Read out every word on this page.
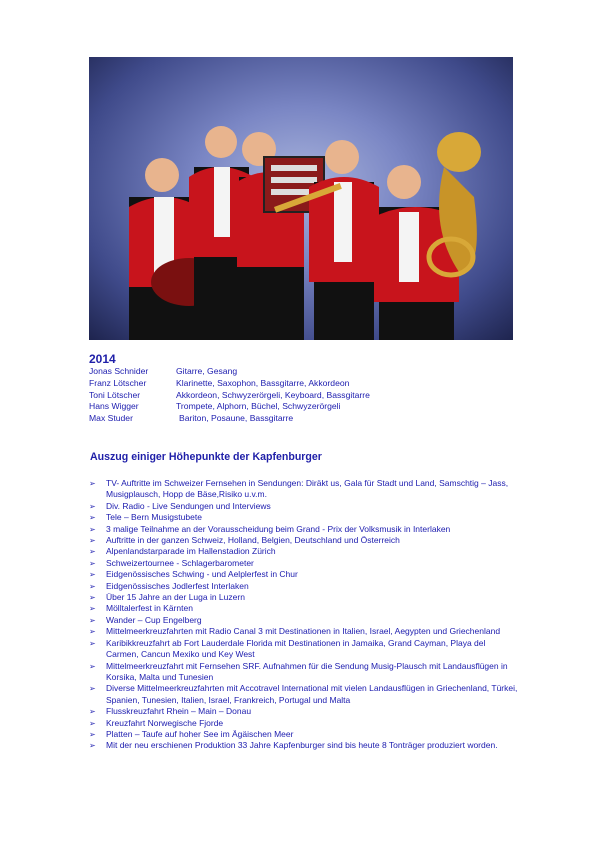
2014
Jonas Schnider	Gitarre, Gesang
Franz Lötscher	Klarinette, Saxophon, Bassgitarre, Akkordeon
Toni Lötscher	Akkordeon, Schwyzerörgeli, Keyboard, Bassgitarre
Hans Wigger	Trompete, Alphorn, Büchel, Schwyzerörgeli
Max Studer	Bariton, Posaune, Bassgitarre
Auszug einiger Höhepunkte der Kapfenburger
➢	TV- Auftritte im Schweizer Fernsehen in Sendungen: Diräkt us, Gala für Stadt und Land, Samschtig – Jass, Musigplausch, Hopp de Bäse,Risiko u.v.m.
➢	Div. Radio - Live Sendungen und Interviews
➢	Tele – Bern Musigstubete
➢	3 malige Teilnahme an der Vorausscheidung beim Grand - Prix der Volksmusik in Interlaken
➢	Auftritte in der ganzen Schweiz, Holland, Belgien, Deutschland und Österreich
➢	Alpenlandstarparade im Hallenstadion Zürich
➢	Schweizertournee - Schlagerbarometer
➢	Eidgenössisches Schwing - und Aelplerfest in Chur
➢	Eidgenössisches Jodlerfest Interlaken
➢	Über 15 Jahre an der Luga in Luzern
➢	Mölltalerfest in Kärnten
➢	Wander – Cup Engelberg
➢	Mittelmeerkreuzfahrten mit Radio Canal 3 mit Destinationen in Italien, Israel, Aegypten und Griechenland
➢	Karibikkreuzfahrt ab Fort Lauderdale Florida mit Destinationen in Jamaika, Grand Cayman, Playa del Carmen, Cancun Mexiko und Key West
➢	Mittelmeerkreuzfahrt mit Fernsehen SRF. Aufnahmen für die Sendung Musig-Plausch mit Landausflügen in Korsika, Malta und Tunesien
➢	Diverse Mittelmeerkreuzfahrten mit Accotravel International mit vielen Landausflügen in Griechenland, Türkei, Spanien, Tunesien, Italien, Israel, Frankreich, Portugal und Malta
➢	Flusskreuzfahrt Rhein – Main – Donau
➢	Kreuzfahrt Norwegische Fjorde
➢	Platten – Taufe auf hoher See im Ägäischen Meer
➢	Mit der neu erschienen Produktion 33 Jahre Kapfenburger sind bis heute 8 Tonträger produziert worden.
